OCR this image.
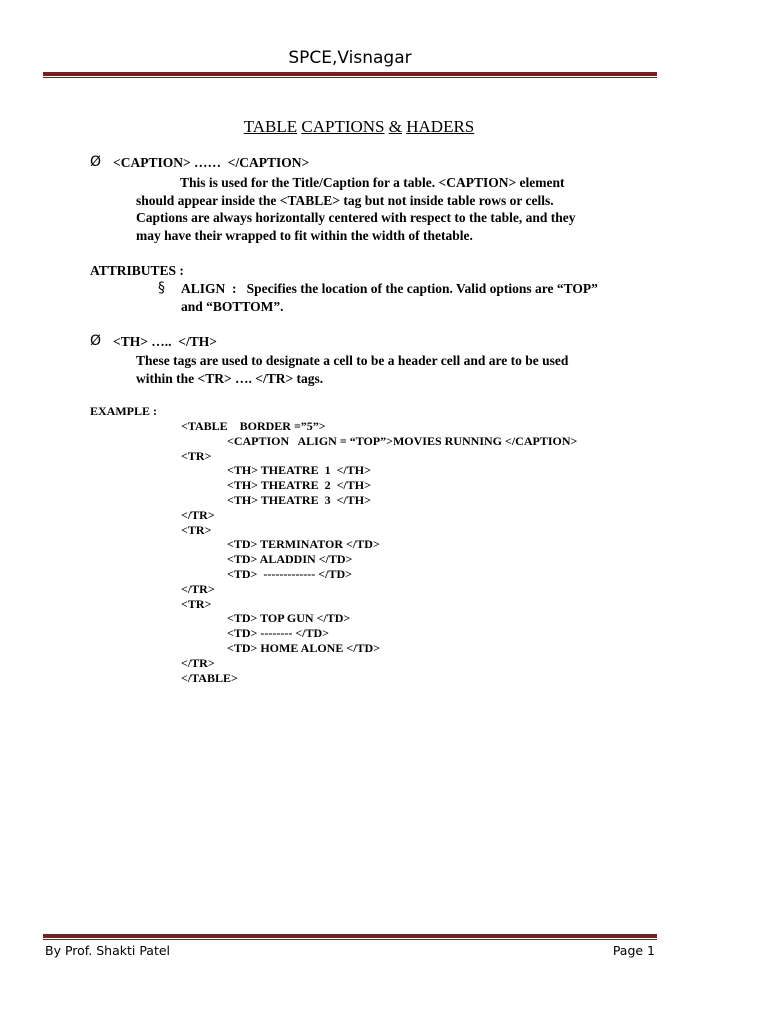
SPCE,Visnagar
TABLE CAPTIONS & HADERS
Ø <CAPTION> ……  </CAPTION>
This is used for the Title/Caption for a table. <CAPTION> element
should appear inside the <TABLE> tag but not inside table rows or cells.
Captions are always horizontally centered with respect to the table, and they
may have their wrapped to fit within the width of thetable.
ATTRIBUTES :
§ ALIGN  :   Specifies the location of the caption. Valid options are “TOP”
and “BOTTOM”.
Ø <TH> …..  </TH>
These tags are used to designate a cell to be a header cell and are to be used
within the <TR> …. </TR> tags.
EXAMPLE :
<TABLE    BORDER =”5”>
<CAPTION   ALIGN = “TOP”>MOVIES RUNNING </CAPTION>
<TR>
<TH> THEATRE  1  </TH>
<TH> THEATRE  2  </TH>
<TH> THEATRE  3  </TH>
</TR>
<TR>
<TD> TERMINATOR </TD>
<TD> ALADDIN </TD>
<TD>  ------------- </TD>
</TR>
<TR>
<TD> TOP GUN </TD>
<TD> -------- </TD>
<TD> HOME ALONE </TD>
</TR>
</TABLE>
By Prof. Shakti Patel	Page 1
